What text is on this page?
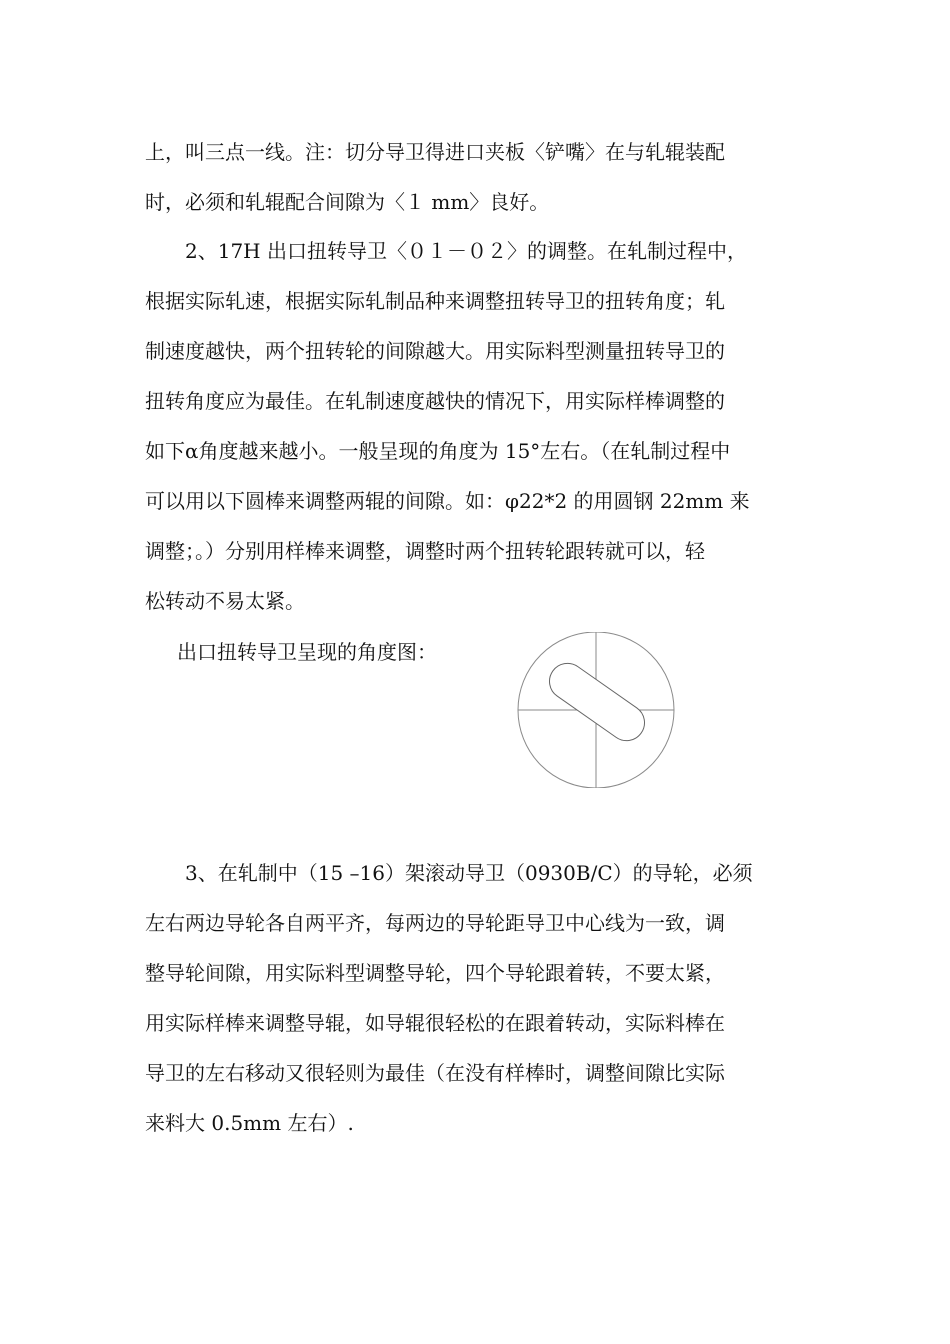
上，叫三点一线。注：切分导卫得进口夹板〈铲嘴〉在与轧辊装配
时，必须和轧辊配合间隙为〈１ mm〉良好。

2、17H 出口扭转导卫〈０１－０２〉的调整。在轧制过程中，
根据实际轧速，根据实际轧制品种来调整扭转导卫的扭转角度；轧
制速度越快，两个扭转轮的间隙越大。用实际料型测量扭转导卫的
扭转角度应为最佳。在轧制速度越快的情况下，用实际样棒调整的
如下α角度越来越小。一般呈现的角度为 15°左右。（在轧制过程中
可以用以下圆棒来调整两辊的间隙。如：φ22*2 的用圆钢 22mm 来
调整；。）分别用样棒来调整，调整时两个扭转轮跟转就可以，轻
松转动不易太紧。

出口扭转导卫呈现的角度图：

3、在轧制中（15 –16）架滚动导卫（0930B/C）的导轮，必须
左右两边导轮各自两平齐，每两边的导轮距导卫中心线为一致，调
整导轮间隙，用实际料型调整导轮，四个导轮跟着转，不要太紧，
用实际样棒来调整导辊，如导辊很轻松的在跟着转动，实际料棒在
导卫的左右移动又很轻则为最佳（在没有样棒时，调整间隙比实际
来料大 0.5mm 左右）.
